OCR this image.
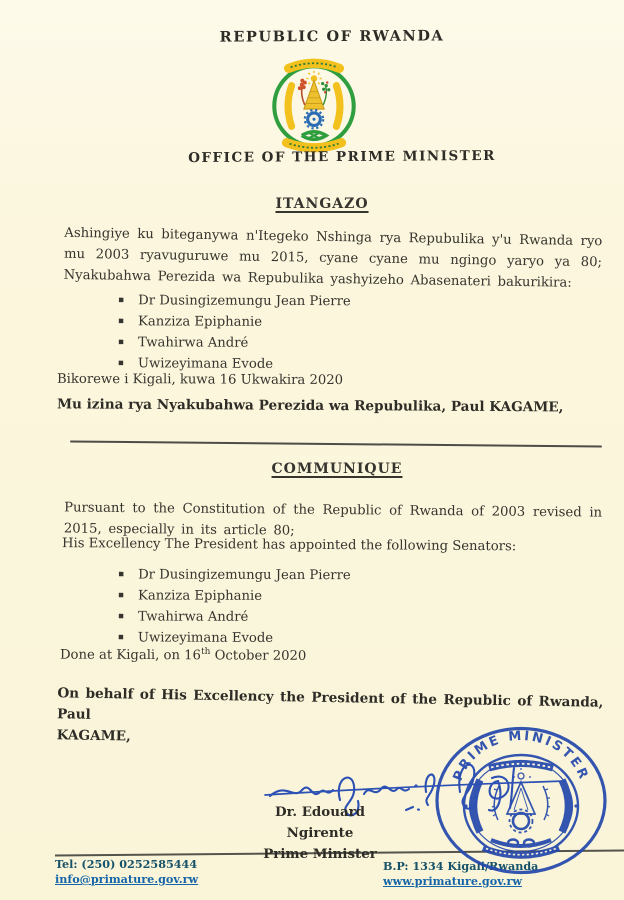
REPUBLIC OF RWANDA
OFFICE OF THE PRIME MINISTER
ITANGAZO

Ashingiye ku biteganywa n'Itegeko Nshinga rya Repubulika y'u Rwanda ryo mu 2003 ryavuguruwe mu 2015, cyane cyane mu ngingo yaryo ya 80; Nyakubahwa Perezida wa Repubulika yashyizeho Abasenateri bakurikira:

▪ Dr Dusingizemungu Jean Pierre
▪ Kanziza Epiphanie
▪ Twahirwa André
▪ Uwizeyimana Evode
Bikorewe i Kigali, kuwa 16 Ukwakira 2020
Mu izina rya Nyakubahwa Perezida wa Repubulika, Paul KAGAME,
COMMUNIQUE

Pursuant to the Constitution of the Republic of Rwanda of 2003 revised in 2015, especially in its article 80;

His Excellency The President has appointed the following Senators:
▪ Dr Dusingizemungu Jean Pierre
▪ Kanziza Epiphanie
▪ Twahirwa André
▪ Uwizeyimana Evode
Done at Kigali, on 16th October 2020
On behalf of His Excellency the President of the Republic of Rwanda, Paul
KAGAME,
PRIME MINISTER
Dr. Edouard Ngirente
Prime Minister
Tel: (250) 0252585444
info@primature.gov.rw
B.P: 1334 Kigali/Rwanda
www.primature.gov.rw
